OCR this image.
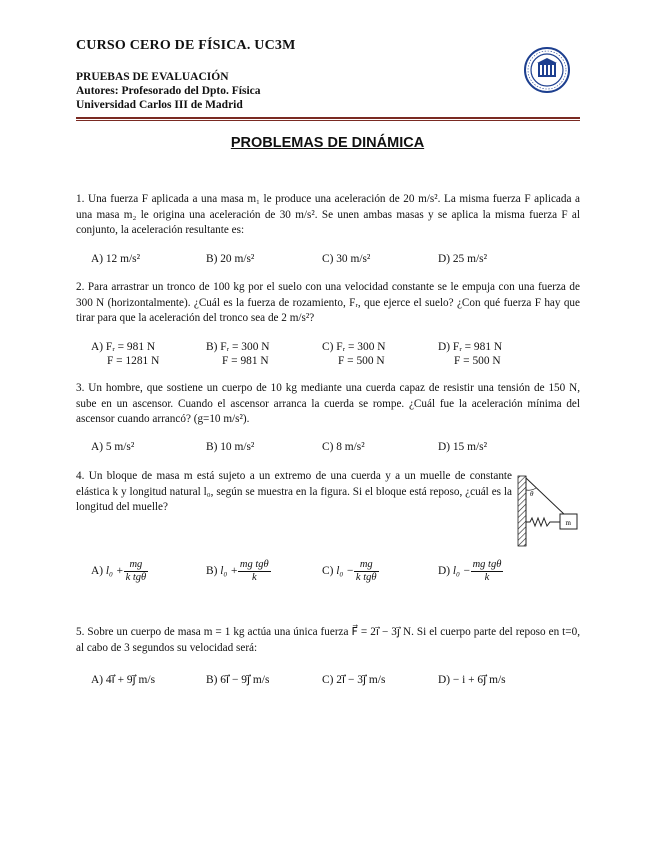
CURSO CERO DE FÍSICA. UC3M
PRUEBAS DE EVALUACIÓN
Autores: Profesorado del Dpto. Física
Universidad Carlos III de Madrid
PROBLEMAS DE DINÁMICA
1. Una fuerza F aplicada a una masa m₁ le produce una aceleración de 20 m/s². La misma fuerza F aplicada a una masa m₂ le origina una aceleración de 30 m/s². Se unen ambas masas y se aplica la misma fuerza F al conjunto, la aceleración resultante es:
A) 12 m/s²	B) 20 m/s²	C) 30 m/s²	D) 25 m/s²
2. Para arrastrar un tronco de 100 kg por el suelo con una velocidad constante se le empuja con una fuerza de 300 N (horizontalmente). ¿Cuál es la fuerza de rozamiento, Fᵣ, que ejerce el suelo? ¿Con qué fuerza F hay que tirar para que la aceleración del tronco sea de 2 m/s²?
A) Fᵣ = 981 N
F = 1281 N
B) Fᵣ = 300 N
F = 981 N
C) Fᵣ = 300 N
F = 500 N
D) Fᵣ = 981 N
F = 500 N
3. Un hombre, que sostiene un cuerpo de 10 kg mediante una cuerda capaz de resistir una tensión de 150 N, sube en un ascensor. Cuando el ascensor arranca la cuerda se rompe. ¿Cuál fue la aceleración mínima del ascensor cuando arrancó? (g=10 m/s²).
A) 5 m/s²	B) 10 m/s²	C) 8 m/s²	D) 15 m/s²
4. Un bloque de masa m está sujeto a un extremo de una cuerda y a un muelle de constante elástica k y longitud natural l₀, según se muestra en la figura. Si el bloque está reposo, ¿cuál es la longitud del muelle?
θ
m
A)
$l_0 + \frac{mg}{\text{k tgθ}}$	B)
$l_0 + \frac{\text{mg tgθ}}{k}$	C)
$l_0 - \frac{mg}{\text{k tgθ}}$	D)
$l_0 - \frac{\text{mg tgθ}}{k}$
5. Sobre un cuerpo de masa m = 1 kg actúa una única fuerza F⃗ = 2i⃗ − 3j⃗ N. Si el cuerpo parte del reposo en t=0, al cabo de 3 segundos su velocidad será:
A) 4i⃗ + 9j⃗ m/s	B) 6i⃗ − 9j⃗ m/s	C) 2i⃗ − 3j⃗ m/s	D) − i + 6j⃗ m/s
